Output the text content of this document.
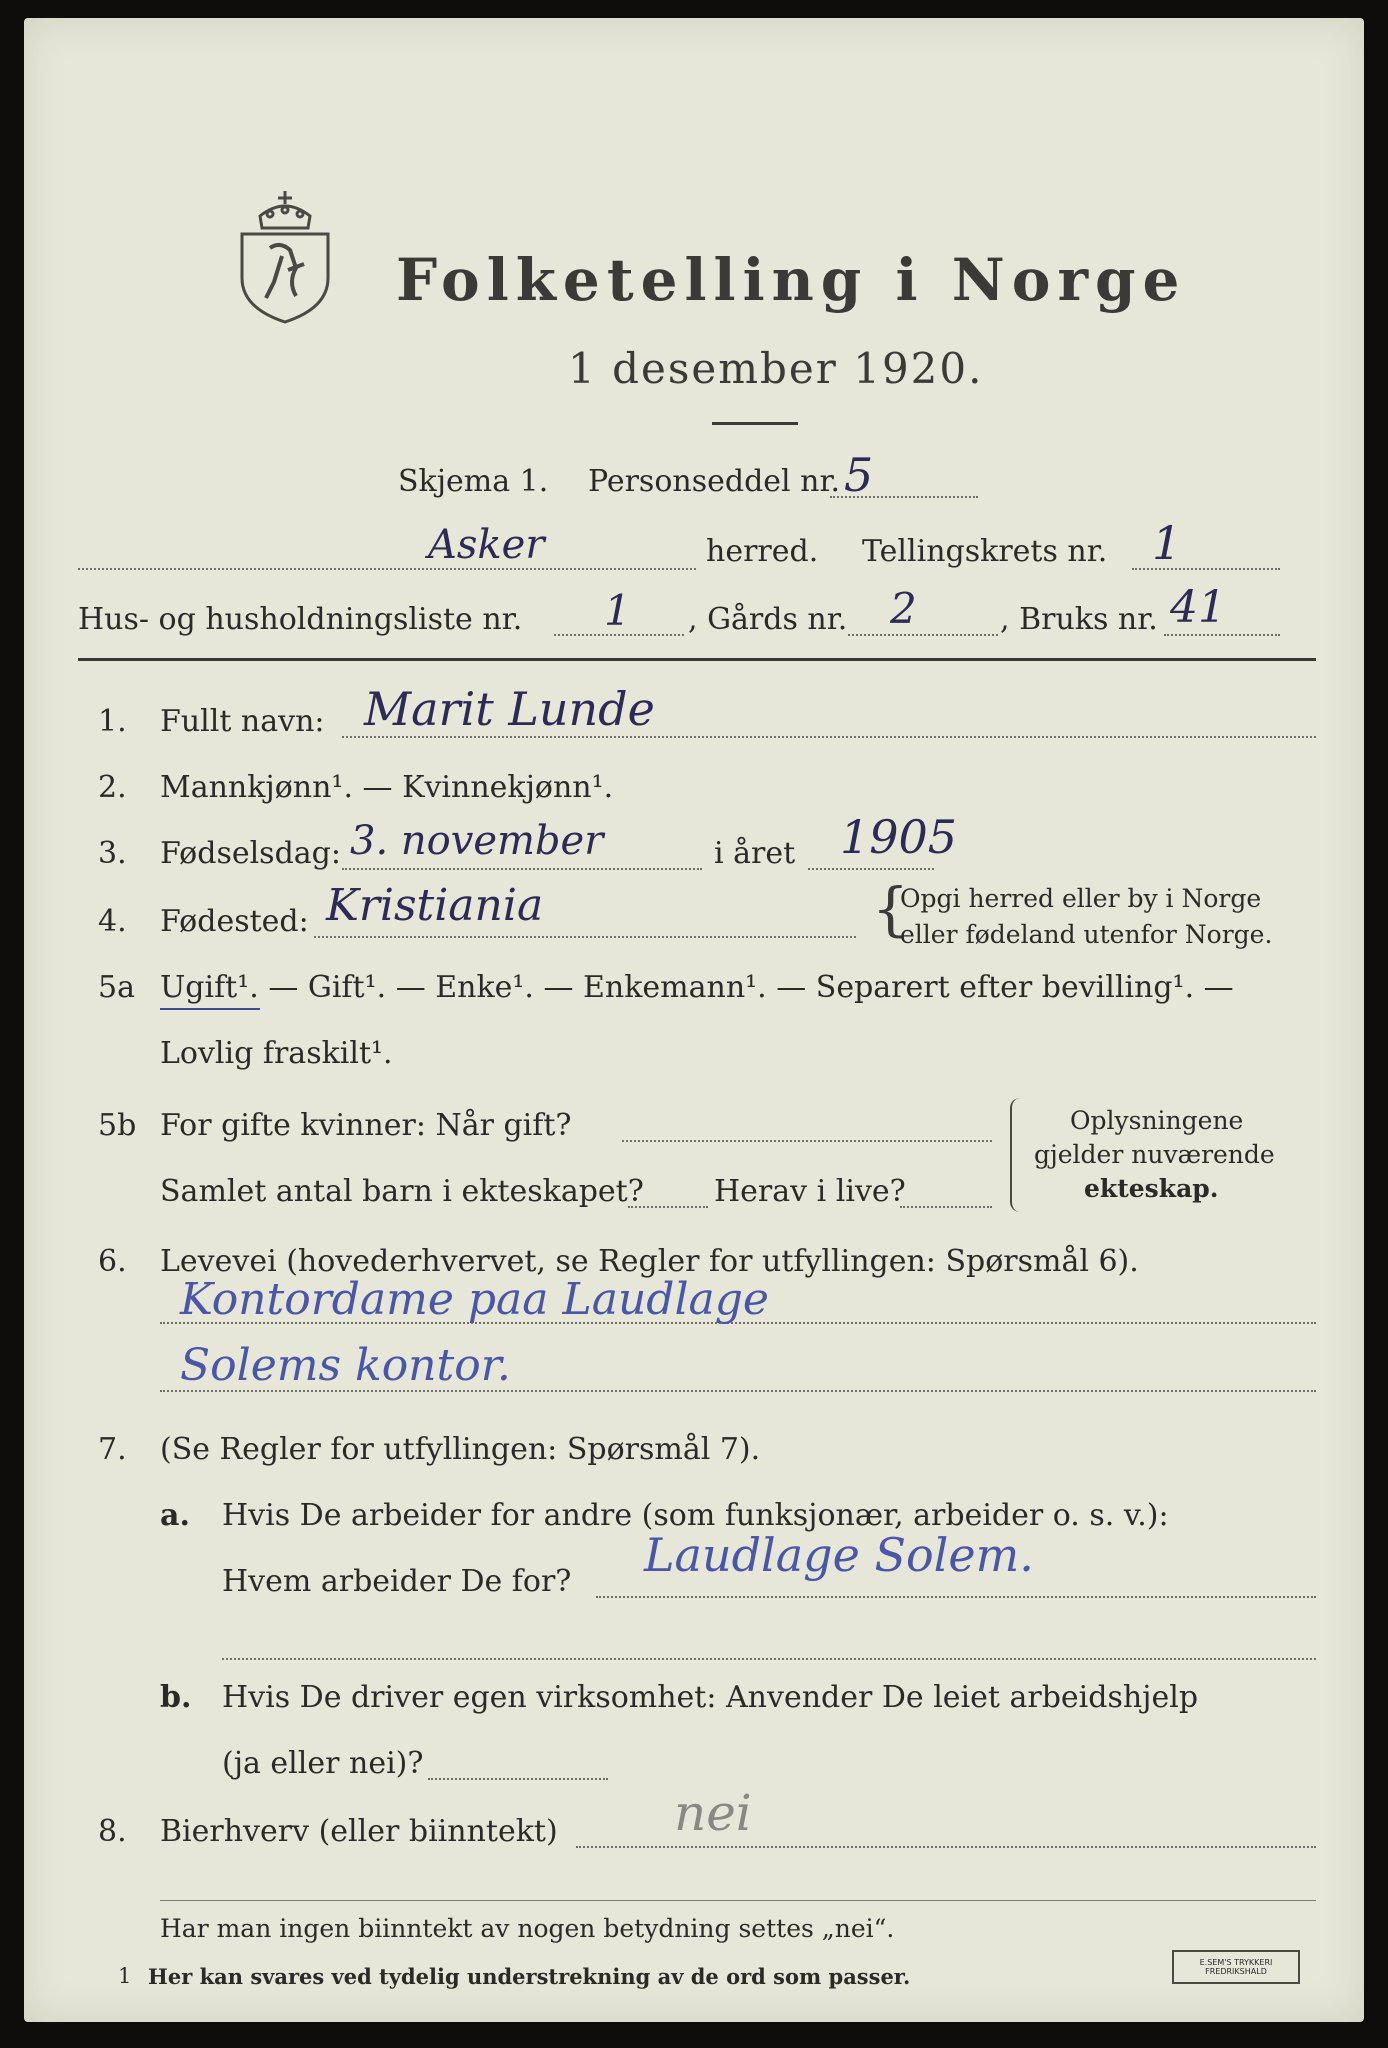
Folketelling i Norge
1 desember 1920.
Skjema 1. Personseddel nr. 5
Asker	herred. Tellingskrets nr. 1
Hus- og husholdningsliste nr. 1 , Gårds nr. 2	, Bruks nr. 41
1. Fullt navn: Marit Lunde
2. Mannkjønn¹. — Kvinnekjønn¹.
3. Fødselsdag: 3. november	i året 1905
4. Fødested: Kristiania	{
Opgi herred eller by i Norge
eller fødeland utenfor Norge.
5a Ugift¹. — Gift¹. — Enke¹. — Enkemann¹. — Separert efter bevilling¹. —
Lovlig fraskilt¹.
5b For gifte kvinner: Når gift?
Samlet antal barn i ekteskapet? Herav i live?
Oplysningene
gjelder nuværende
ekteskap.
6. Levevei (hovederhvervet, se Regler for utfyllingen: Spørsmål 6).
Kontordame paa Laudlage
Solems kontor.
7. (Se Regler for utfyllingen: Spørsmål 7).
a. Hvis De arbeider for andre (som funksjonær, arbeider o. s. v.):
Hvem arbeider De for? Laudlage Solem.
b. Hvis De driver egen virksomhet: Anvender De leiet arbeidshjelp
(ja eller nei)?
8. Bierhverv (eller biinntekt) nei
Har man ingen biinntekt av nogen betydning settes „nei“.
1 Her kan svares ved tydelig understrekning av de ord som passer.
E.SEM'S TRYKKERI
FREDRIKSHALD
